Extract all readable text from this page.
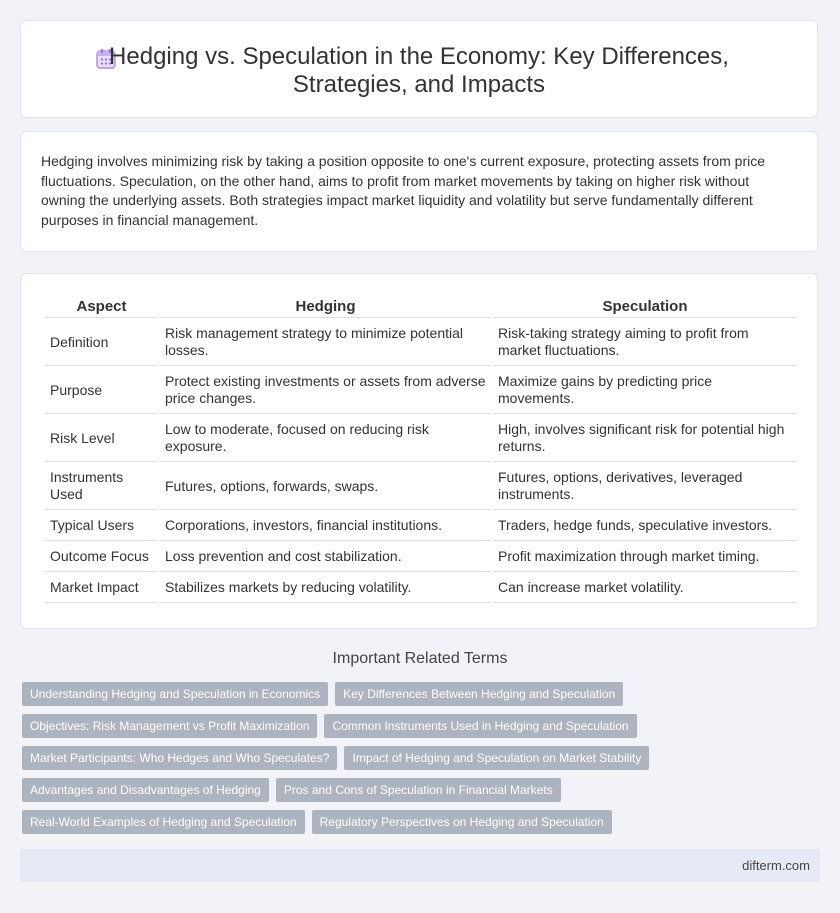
Hedging vs. Speculation in the Economy: Key Differences, Strategies, and Impacts

Hedging involves minimizing risk by taking a position opposite to one's current exposure, protecting assets from price fluctuations. Speculation, on the other hand, aims to profit from market movements by taking on higher risk without owning the underlying assets. Both strategies impact market liquidity and volatility but serve fundamentally different purposes in financial management.

Aspect	Hedging	Speculation
Definition	Risk management strategy to minimize potential losses.	Risk-taking strategy aiming to profit from market fluctuations.
Purpose	Protect existing investments or assets from adverse price changes.	Maximize gains by predicting price movements.
Risk Level	Low to moderate, focused on reducing risk exposure.	High, involves significant risk for potential high returns.
Instruments Used	Futures, options, forwards, swaps.	Futures, options, derivatives, leveraged instruments.
Typical Users	Corporations, investors, financial institutions.	Traders, hedge funds, speculative investors.
Outcome Focus	Loss prevention and cost stabilization.	Profit maximization through market timing.
Market Impact	Stabilizes markets by reducing volatility.	Can increase market volatility.
Important Related Terms
Understanding Hedging and Speculation in Economics	Key Differences Between Hedging and Speculation
Objectives: Risk Management vs Profit Maximization	Common Instruments Used in Hedging and Speculation
Market Participants: Who Hedges and Who Speculates?	Impact of Hedging and Speculation on Market Stability
Advantages and Disadvantages of Hedging	Pros and Cons of Speculation in Financial Markets
Real-World Examples of Hedging and Speculation	Regulatory Perspectives on Hedging and Speculation
difterm.com
